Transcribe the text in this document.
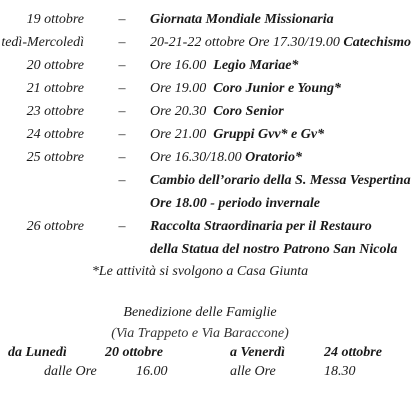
19 ottobre – Giornata Mondiale Missionaria
tedì-Mercoledì – 20-21-22 ottobre Ore 17.30/19.00 Catechismo
20 ottobre – Ore 16.00  Legio Mariae*
21 ottobre – Ore 19.00  Coro Junior e Young*
23 ottobre – Ore 20.30  Coro Senior
24 ottobre – Ore 21.00  Gruppi Gvv* e Gv*
25 ottobre – Ore 16.30/18.00 Oratorio*
– Cambio dell’orario della S. Messa Vespertina
Ore 18.00 - periodo invernale
26 ottobre – Raccolta Straordinaria per il Restauro
della Statua del nostro Patrono San Nicola
*Le attività si svolgono a Casa Giunta
Benedizione delle Famiglie
(Via Trappeto e Via Baraccone)
da Lunedì	20 ottobre	a Venerdì	24 ottobre
dalle Ore	16.00	alle Ore	18.30
